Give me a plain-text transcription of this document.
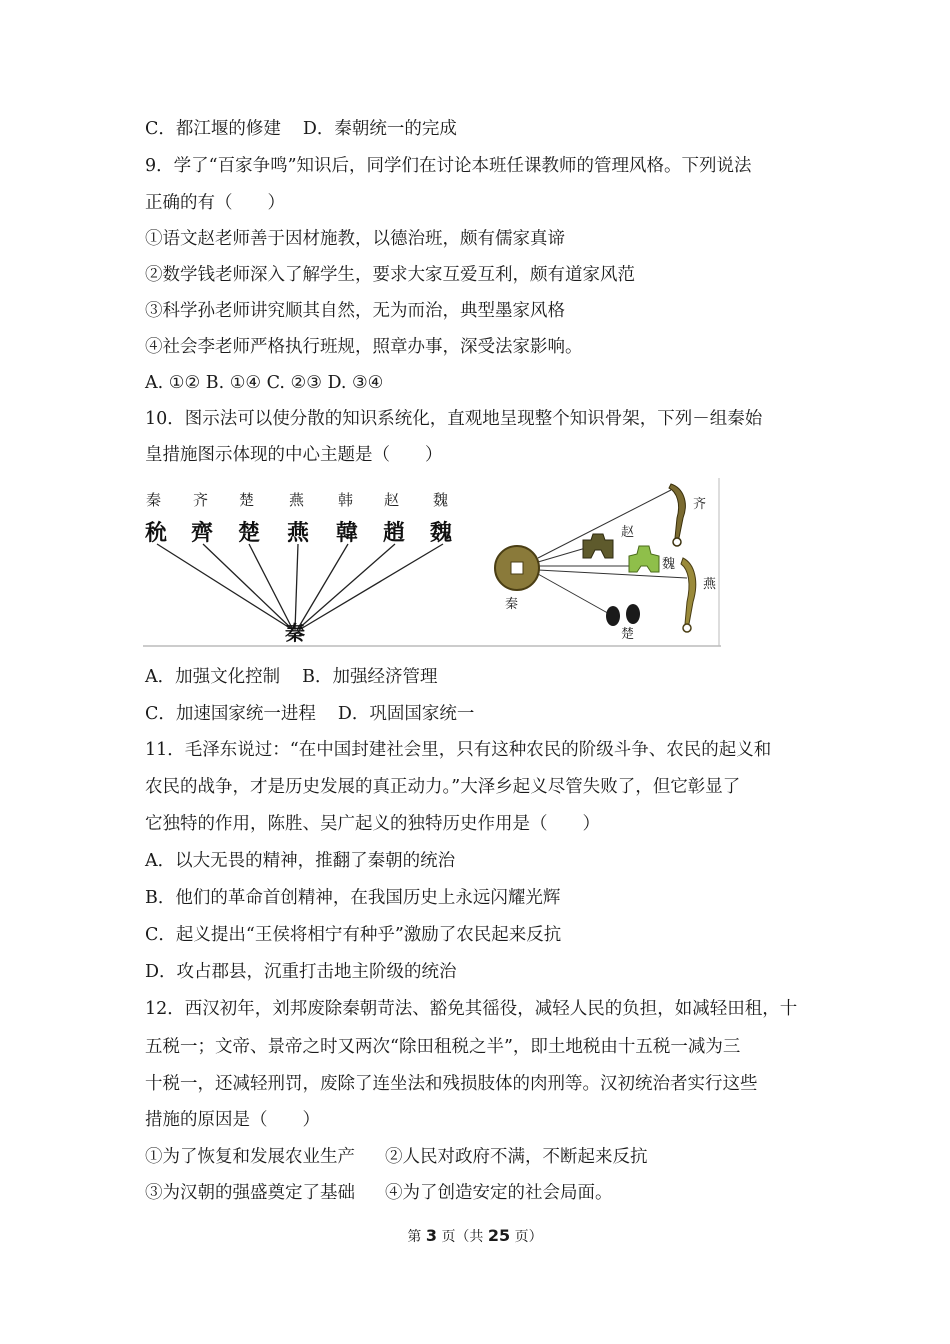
C．都江堰的修建 D．秦朝统一的完成
9．学了“百家争鸣”知识后，同学们在讨论本班任课教师的管理风格。下列说法
正确的有（　　）
①语文赵老师善于因材施教，以德治班，颇有儒家真谛
②数学钱老师深入了解学生，要求大家互爱互利，颇有道家风范
③科学孙老师讲究顺其自然，无为而治，典型墨家风格
④社会李老师严格执行班规，照章办事，深受法家影响。
A. ①② B. ①④ C. ②③ D. ③④
10．图示法可以使分散的知识系统化，直观地呈现整个知识骨架，下列－组秦始
皇措施图示体现的中心主题是（　　）
秦 齐 楚 燕 韩 赵 魏
𥝲 齊 楚 燕 韓 趙 魏
秦
秦
赵
魏
齐
燕
楚
A．加强文化控制 B．加强经济管理
C．加速国家统一进程 D．巩固国家统一
11．毛泽东说过：“在中国封建社会里，只有这种农民的阶级斗争、农民的起义和
农民的战争，才是历史发展的真正动力。”大泽乡起义尽管失败了，但它彰显了
它独特的作用，陈胜、吴广起义的独特历史作用是（　　）
A．以大无畏的精神，推翻了秦朝的统治
B．他们的革命首创精神，在我国历史上永远闪耀光辉
C．起义提出“王侯将相宁有种乎”激励了农民起来反抗
D．攻占郡县，沉重打击地主阶级的统治
12．西汉初年，刘邦废除秦朝苛法、豁免其徭役，减轻人民的负担，如减轻田租，十
五税一；文帝、景帝之时又两次“除田租税之半”，即土地税由十五税一减为三
十税一，还减轻刑罚，废除了连坐法和残损肢体的肉刑等。汉初统治者实行这些
措施的原因是（　　）
①为了恢复和发展农业生产 ②人民对政府不满，不断起来反抗
③为汉朝的强盛奠定了基础 ④为了创造安定的社会局面。
第 3 页（共 25 页）
